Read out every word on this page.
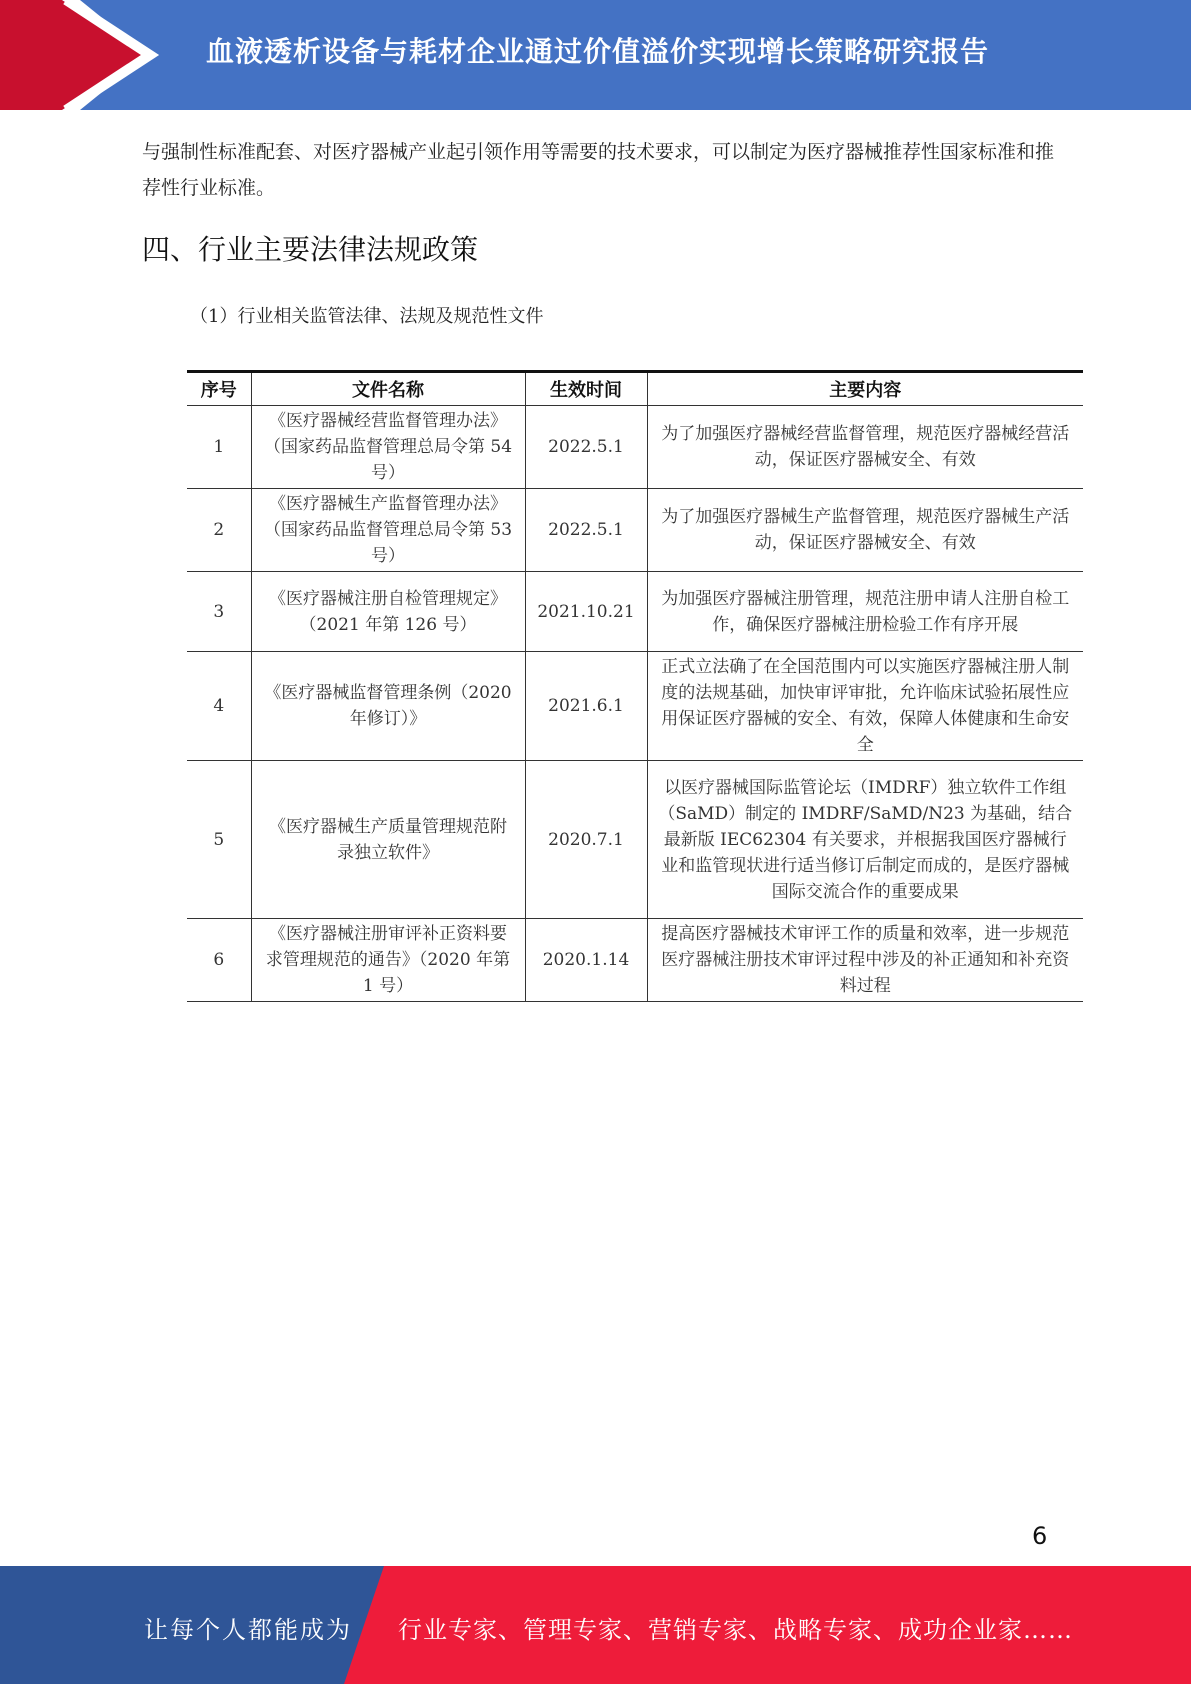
血液透析设备与耗材企业通过价值溢价实现增长策略研究报告
与强制性标准配套、对医疗器械产业起引领作用等需要的技术要求，可以制定为医疗器械推荐性国家标准和推荐性行业标准。
四、行业主要法律法规政策
（1）行业相关监管法律、法规及规范性文件
序号	文件名称	生效时间	主要内容
1	《医疗器械经营监督管理办法》（国家药品监督管理总局令第 54 号）	2022.5.1	为了加强医疗器械经营监督管理，规范医疗器械经营活动，保证医疗器械安全、有效
2	《医疗器械生产监督管理办法》（国家药品监督管理总局令第 53 号）	2022.5.1	为了加强医疗器械生产监督管理，规范医疗器械生产活动，保证医疗器械安全、有效
3	《医疗器械注册自检管理规定》（2021 年第 126 号）	2021.10.21	为加强医疗器械注册管理，规范注册申请人注册自检工作，确保医疗器械注册检验工作有序开展
4	《医疗器械监督管理条例（2020 年修订）》	2021.6.1	正式立法确了在全国范围内可以实施医疗器械注册人制度的法规基础，加快审评审批，允许临床试验拓展性应用保证医疗器械的安全、有效，保障人体健康和生命安全
5	《医疗器械生产质量管理规范附录独立软件》	2020.7.1	以医疗器械国际监管论坛（IMDRF）独立软件工作组（SaMD）制定的 IMDRF/SaMD/N23 为基础，结合最新版 IEC62304 有关要求，并根据我国医疗器械行业和监管现状进行适当修订后制定而成的，是医疗器械国际交流合作的重要成果
6	《医疗器械注册审评补正资料要求管理规范的通告》（2020 年第 1 号）	2020.1.14	提高医疗器械技术审评工作的质量和效率，进一步规范医疗器械注册技术审评过程中涉及的补正通知和补充资料过程
6
让每个人都能成为 行业专家、管理专家、营销专家、战略专家、成功企业家……
